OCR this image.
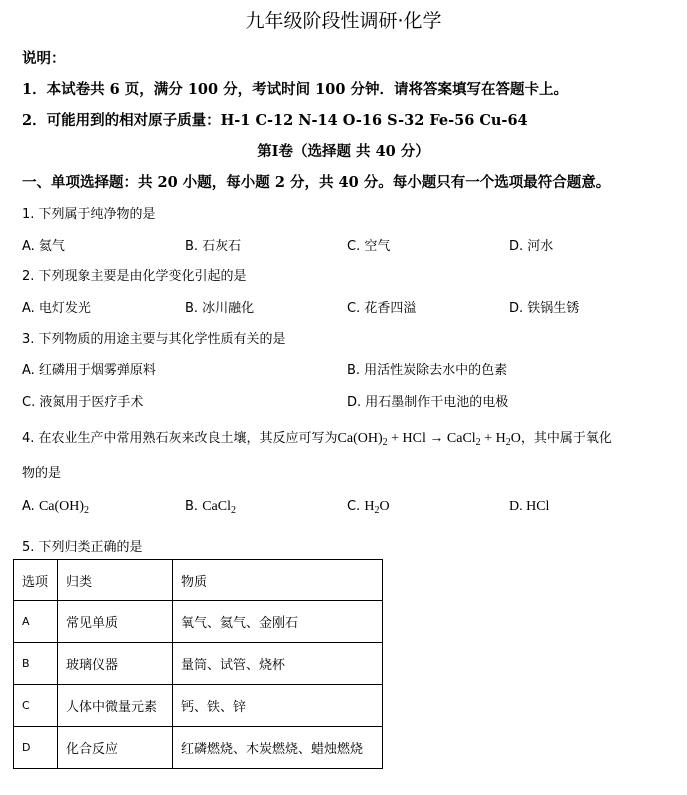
九年级阶段性调研·化学
说明：
1．本试卷共 6 页，满分 100 分，考试时间 100 分钟．请将答案填写在答题卡上。
2．可能用到的相对原子质量：H-1 C-12 N-14 O-16 S-32 Fe-56 Cu-64
第Ⅰ卷（选择题 共 40 分）
一、单项选择题：共 20 小题，每小题 2 分，共 40 分。每小题只有一个选项最符合题意。
1. 下列属于纯净物的是
A. 氦气	B. 石灰石	C. 空气	D. 河水
2. 下列现象主要是由化学变化引起的是
A. 电灯发光	B. 冰川融化	C. 花香四溢	D. 铁锅生锈
3. 下列物质的用途主要与其化学性质有关的是
A. 红磷用于烟雾弹原料	B. 用活性炭除去水中的色素
C. 液氮用于医疗手术	D. 用石墨制作干电池的电极
4. 在农业生产中常用熟石灰来改良土壤，其反应可写为$Ca(OH)_2$ + HCl → CaCl$_2$ + $H_2O$，其中属于氧化
物的是
A. $Ca(OH)_2$	B. CaCl$_2$	C. $H_2O$	D. HCl
5. 下列归类正确的是
选项	归类	物质
A	常见单质	氧气、氦气、金刚石
B	玻璃仪器	量筒、试管、烧杯
C	人体中微量元素	钙、铁、锌
D	化合反应	红磷燃烧、木炭燃烧、蜡烛燃烧
